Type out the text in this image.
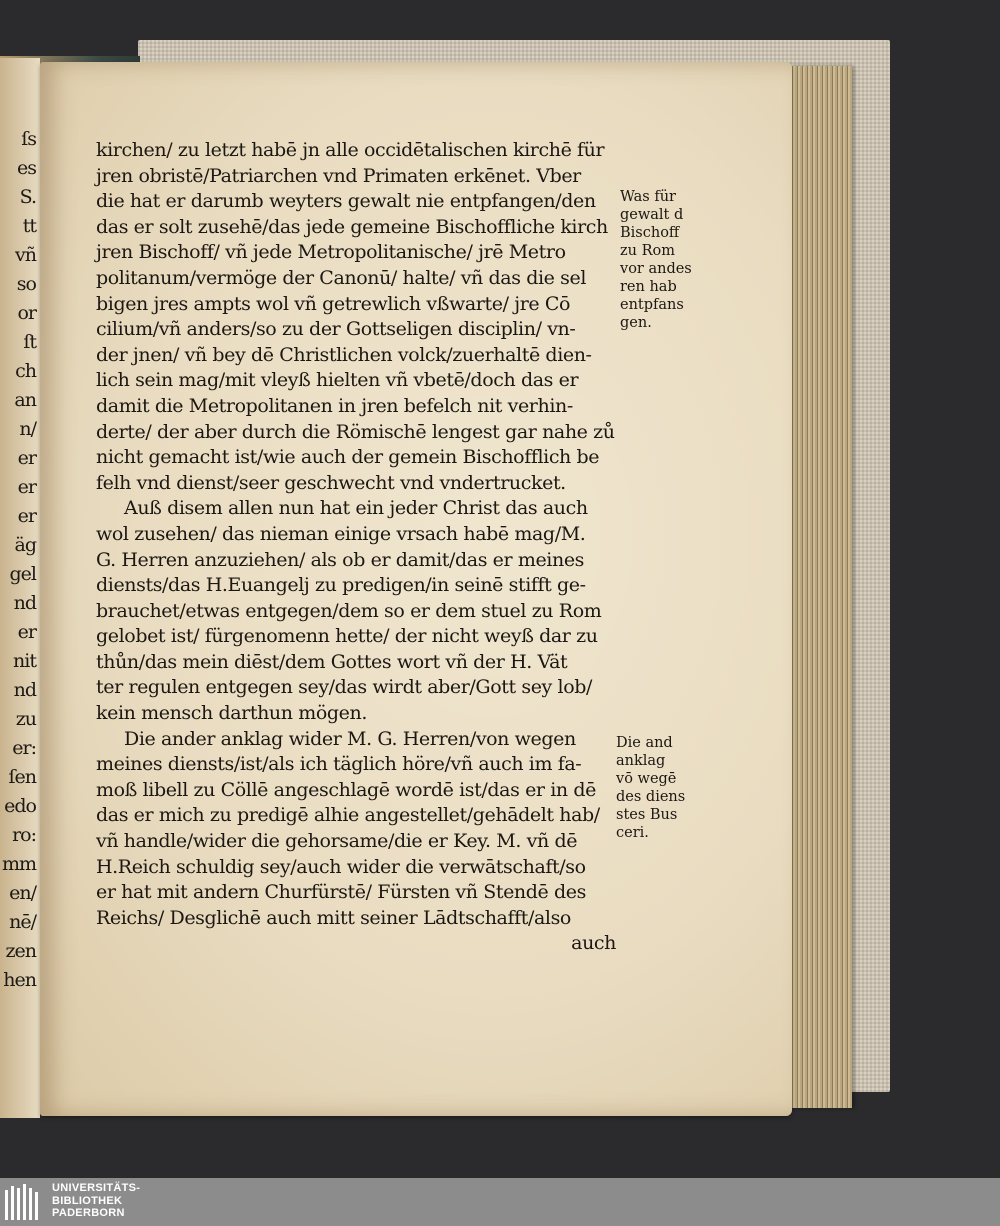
ſs
es
S.
tt
vñ
so
or
ſt
ch
an
n/
er
er
er
äg
gel
nd
er
nit
nd
zu
er:
ſen
edo
ro:
mm
en/
nē/
zen
hen
kirchen/ zu letzt habē jn alle occidētalischen kirchē für
jren obristē/Patriarchen vnd Primaten erkēnet. Vber
die hat er darumb weyters gewalt nie entpfangen/den
das er solt zusehē/das jede gemeine Bischoffliche kirch
jren Bischoff/ vñ jede Metropolitanische/ jrē Metro
politanum/vermöge der Canonū/ halte/ vñ das die sel
bigen jres ampts wol vñ getrewlich vßwarte/ jre Cō
cilium/vñ anders/so zu der Gottseligen disciplin/ vn-
der jnen/ vñ bey dē Christlichen volck/zuerhaltē dien-
lich sein mag/mit vleyß hielten vñ vbetē/doch das er
damit die Metropolitanen in jren befelch nit verhin-
derte/ der aber durch die Römischē lengest gar nahe zů
nicht gemacht ist/wie auch der gemein Bischofflich be
felh vnd dienst/seer geschwecht vnd vndertrucket.
Auß disem allen nun hat ein jeder Christ das auch
wol zusehen/ das nieman einige vrsach habē mag/M.
G. Herren anzuziehen/ als ob er damit/das er meines
diensts/das H.Euangelj zu predigen/in seinē stifft ge-
brauchet/etwas entgegen/dem so er dem stuel zu Rom
gelobet ist/ fürgenomenn hette/ der nicht weyß dar zu
thůn/das mein diēst/dem Gottes wort vñ der H. Vät
ter regulen entgegen sey/das wirdt aber/Gott sey lob/
kein mensch darthun mögen.
Die ander anklag wider M. G. Herren/von wegen
meines diensts/ist/als ich täglich höre/vñ auch im fa-
moß libell zu Cöllē angeschlagē wordē ist/das er in dē
das er mich zu predigē alhie angestellet/gehādelt hab/
vñ handle/wider die gehorsame/die er Key. M. vñ dē
H.Reich schuldig sey/auch wider die verwātschaft/so
er hat mit andern Churfürstē/ Fürsten vñ Stendē des
Reichs/ Desglichē auch mitt seiner Lādtschafft/also
auch
Was für
gewalt d
Bischoff
zu Rom
vor andes
ren hab
entpfans
gen.
Die and
anklag
vō wegē
des diens
stes Bus
ceri.
UNIVERSITÄTS-
BIBLIOTHEK
PADERBORN
